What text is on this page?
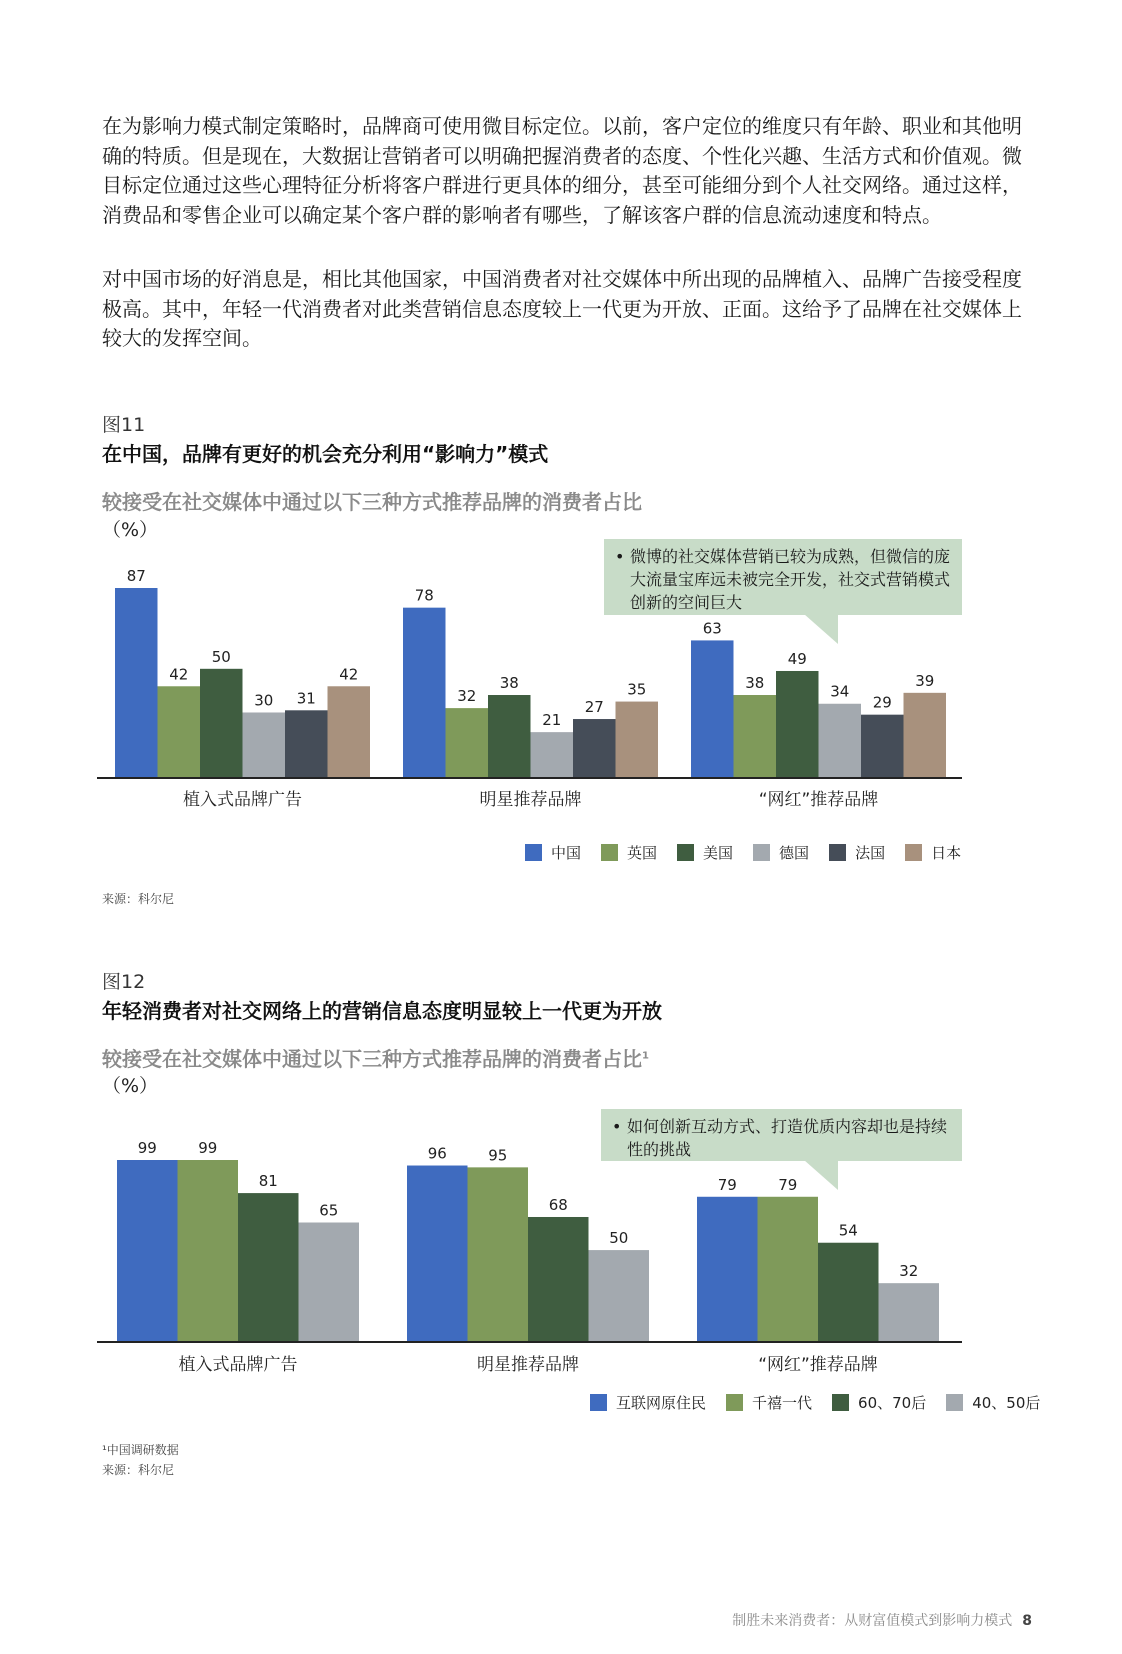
在为影响力模式制定策略时，品牌商可使用微目标定位。以前，客户定位的维度只有年龄、职业和其他明确的特质。但是现在，大数据让营销者可以明确把握消费者的态度、个性化兴趣、生活方式和价值观。微目标定位通过这些心理特征分析将客户群进行更具体的细分，甚至可能细分到个人社交网络。通过这样，消费品和零售企业可以确定某个客户群的影响者有哪些，了解该客户群的信息流动速度和特点。

对中国市场的好消息是，相比其他国家，中国消费者对社交媒体中所出现的品牌植入、品牌广告接受程度极高。其中，年轻一代消费者对此类营销信息态度较上一代更为开放、正面。这给予了品牌在社交媒体上较大的发挥空间。

图11
在中国，品牌有更好的机会充分利用“影响力”模式
较接受在社交媒体中通过以下三种方式推荐品牌的消费者占比
（%）
• 微博的社交媒体营销已较为成熟，但微信的庞大流量宝库远未被完全开发，社交式营销模式创新的空间巨大
87
78
63
42
32
38
50
38
49
30
21
34
31	27	29
42
35	39
植入式品牌广告	明星推荐品牌	“网红”推荐品牌
99	96
79
99	95
79
81
68
54
65
50
32
植入式品牌广告	明星推荐品牌	“网红”推荐品牌
中国	英国	美国	德国	法国	日本
来源：科尔尼
图12
年轻消费者对社交网络上的营销信息态度明显较上一代更为开放
较接受在社交媒体中通过以下三种方式推荐品牌的消费者占比$^1$
（%）
• 如何创新互动方式、打造优质内容却也是持续性的挑战
互联网原住民	千禧一代	60、70后	40、50后
¹中国调研数据
来源：科尔尼
制胜未来消费者：从财富值模式到影响力模式 8
